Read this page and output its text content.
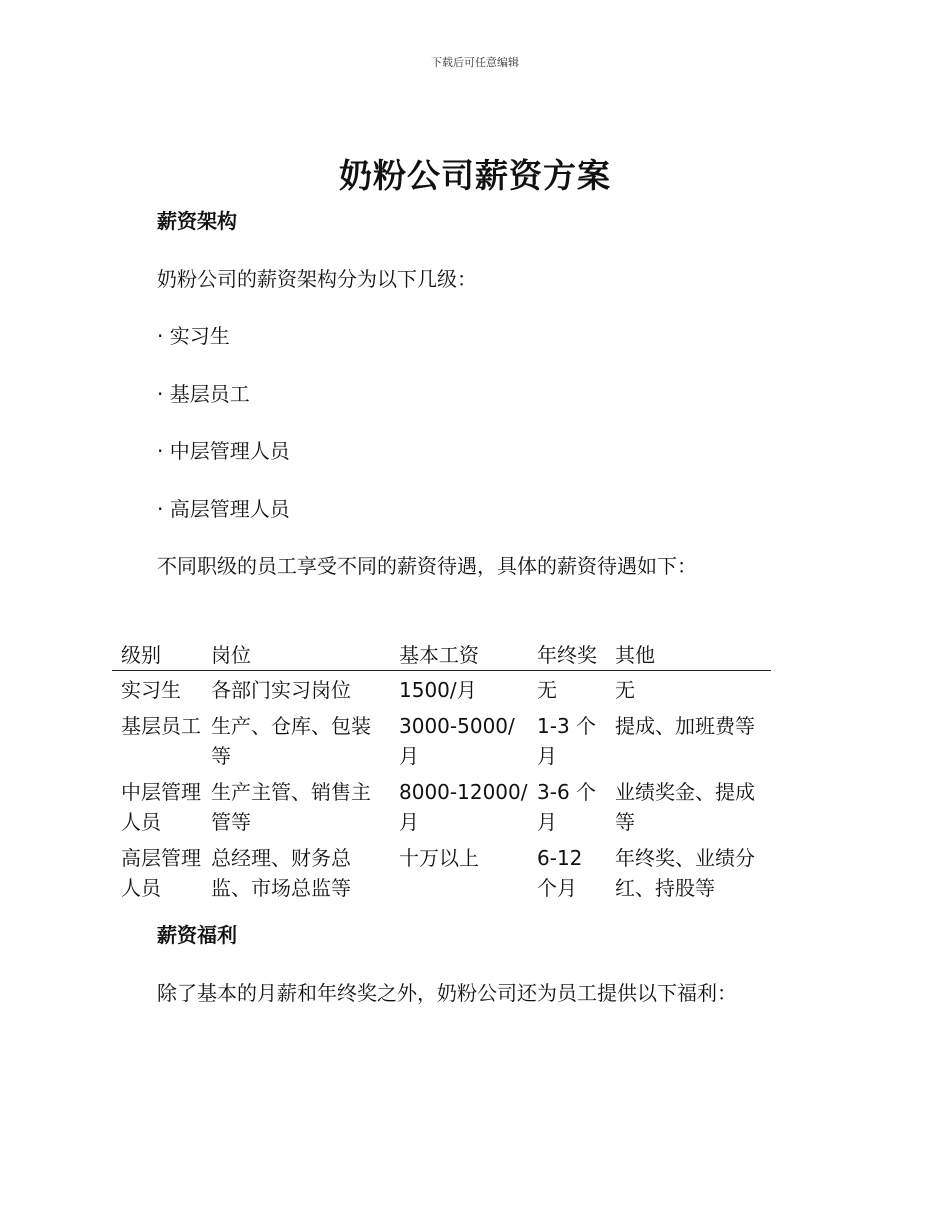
下载后可任意编辑
奶粉公司薪资方案

薪资架构

奶粉公司的薪资架构分为以下几级：

· 实习生

· 基层员工

· 中层管理人员

· 高层管理人员

不同职级的员工享受不同的薪资待遇，具体的薪资待遇如下：

级别	岗位	基本工资	年终奖	其他
实习生	各部门实习岗位	1500/月	无	无
基层员工	生产、仓库、包装等	3000-5000/月	1-3 个月	提成、加班费等
中层管理人员	生产主管、销售主管等	8000-12000/月	3-6 个月	业绩奖金、提成等
高层管理人员	总经理、财务总监、市场总监等	十万以上	6-12 个月	年终奖、业绩分红、持股等

薪资福利

除了基本的月薪和年终奖之外，奶粉公司还为员工提供以下福利：
